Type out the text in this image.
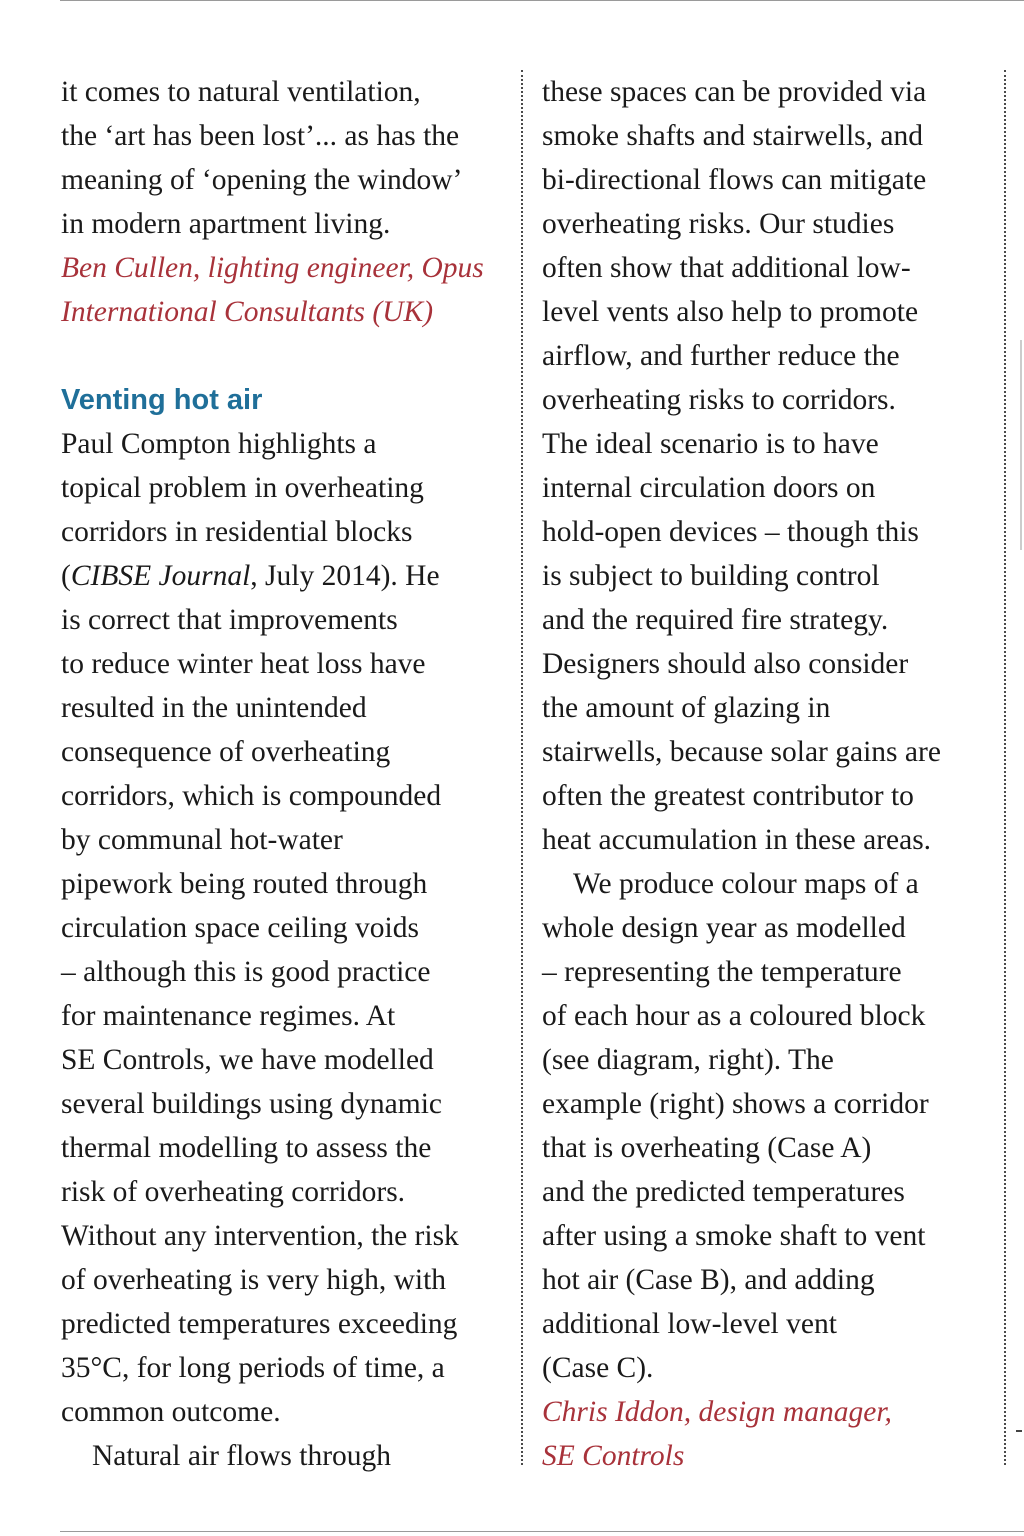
it comes to natural ventilation,
the ‘art has been lost’... as has the
meaning of ‘opening the window’
in modern apartment living.
Ben Cullen, lighting engineer, Opus
International Consultants (UK)
Venting hot air
Paul Compton highlights a
topical problem in overheating
corridors in residential blocks
(CIBSE Journal, July 2014). He
is correct that improvements
to reduce winter heat loss have
resulted in the unintended
consequence of overheating
corridors, which is compounded
by communal hot-water
pipework being routed through
circulation space ceiling voids
– although this is good practice
for maintenance regimes. At
SE Controls, we have modelled
several buildings using dynamic
thermal modelling to assess the
risk of overheating corridors.
Without any intervention, the risk
of overheating is very high, with
predicted temperatures exceeding
35°C, for long periods of time, a
common outcome.
Natural air flows through
these spaces can be provided via
smoke shafts and stairwells, and
bi-directional flows can mitigate
overheating risks. Our studies
often show that additional low-
level vents also help to promote
airflow, and further reduce the
overheating risks to corridors.
The ideal scenario is to have
internal circulation doors on
hold-open devices – though this
is subject to building control
and the required fire strategy.
Designers should also consider
the amount of glazing in
stairwells, because solar gains are
often the greatest contributor to
heat accumulation in these areas.
We produce colour maps of a
whole design year as modelled
– representing the temperature
of each hour as a coloured block
(see diagram, right). The
example (right) shows a corridor
that is overheating (Case A)
and the predicted temperatures
after using a smoke shaft to vent
hot air (Case B), and adding
additional low-level vent
(Case C).
Chris Iddon, design manager,
SE Controls
